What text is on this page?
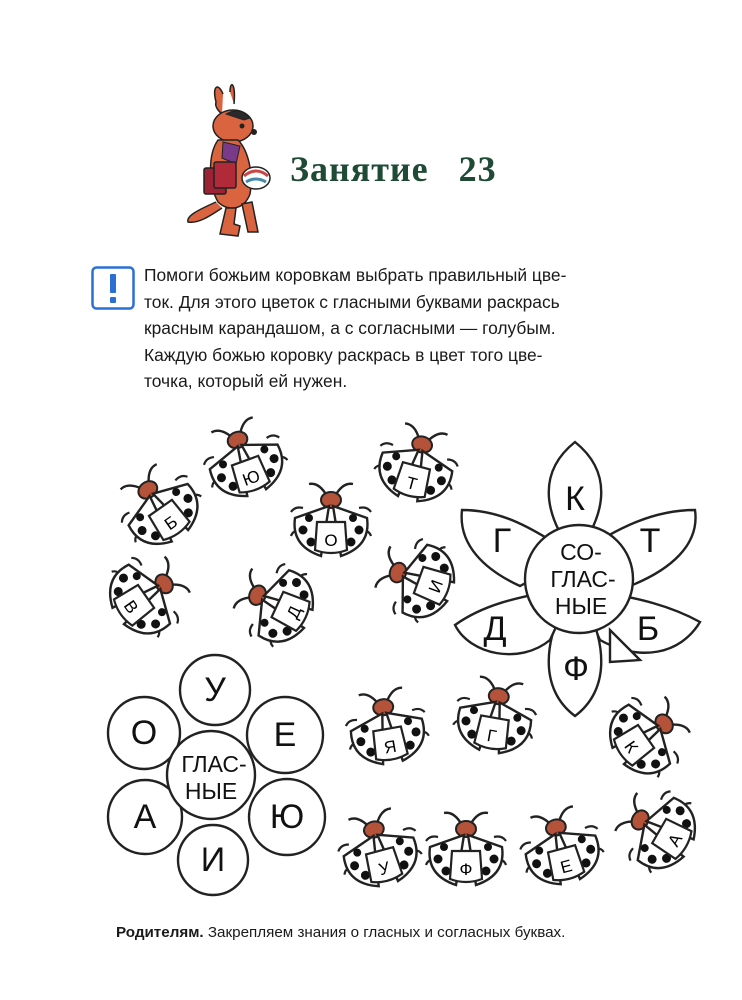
Занятие   23
Помоги божьим коровкам выбрать правильный цве-
ток. Для этого цветок с гласными буквами раскрась
красным карандашом, а с согласными — голубым.
Каждую божью коровку раскрась в цвет того цве-
точка, который ей нужен.
К
Т
Б
Ф
Д
Г СО-
ГЛАС-
НЫЕ
У
Е
Ю
И
А
О
ГЛАС-
НЫЕ
Ю	Т
Б
О
И
В	Д
Я
Г
К
У	Ф	Е
А
Родителям. Закрепляем знания о гласных и согласных буквах.
